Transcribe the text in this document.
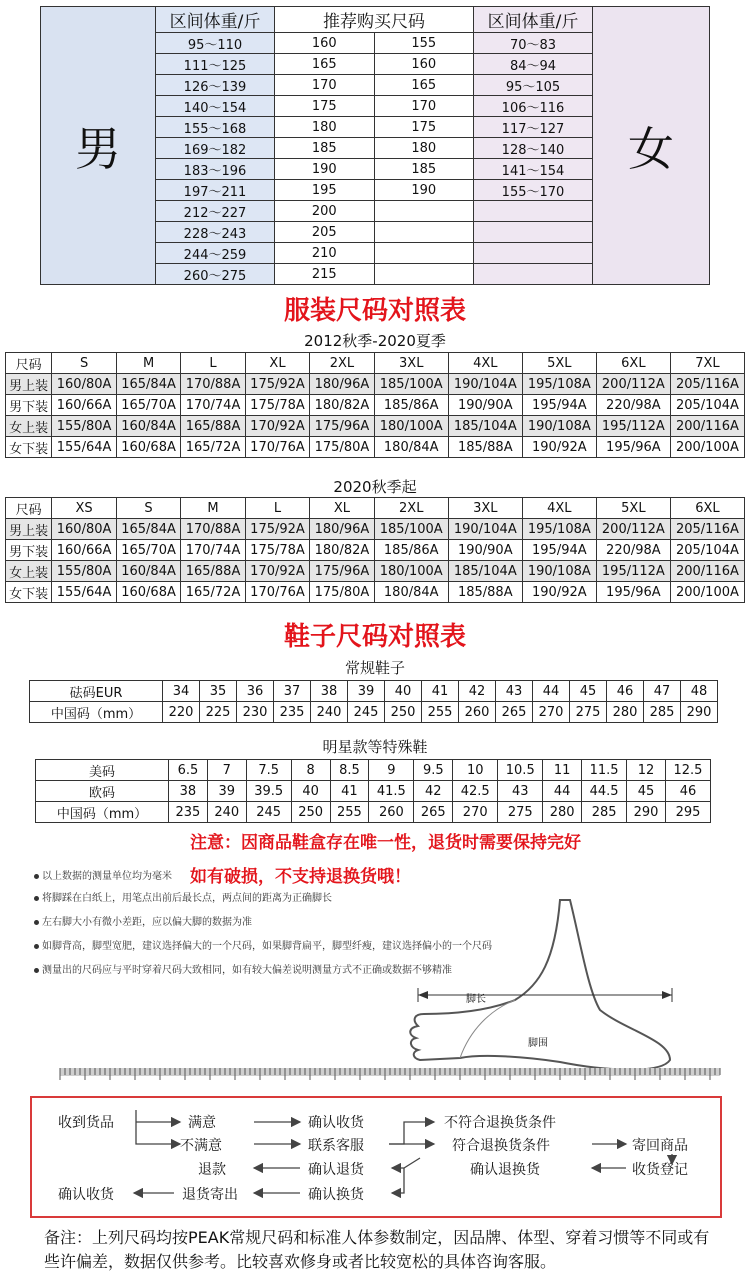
男	区间体重/斤	推荐购买尺码		区间体重/斤	女
	95～110	160	155	70～83	
	111～125	165	160	84～94	
	126～139	170	165	95～105	
	140～154	175	170	106～116	
	155～168	180	175	117～127	
	169～182	185	180	128～140	
	183～196	190	185	141～154	
	197～211	195	190	155～170	
	212～227	200			
	228～243	205			
	244～259	210			
	260～275	215			
服装尺码对照表
2012秋季-2020夏季
尺码	S	M	L	XL	2XL	3XL	4XL	5XL	6XL	7XL
男上装	160/80A	165/84A	170/88A	175/92A	180/96A	185/100A	190/104A	195/108A	200/112A	205/116A
男下装	160/66A	165/70A	170/74A	175/78A	180/82A	185/86A	190/90A	195/94A	220/98A	205/104A
女上装	155/80A	160/84A	165/88A	170/92A	175/96A	180/100A	185/104A	190/108A	195/112A	200/116A
女下装	155/64A	160/68A	165/72A	170/76A	175/80A	180/84A	185/88A	190/92A	195/96A	200/100A
2020秋季起
尺码	XS	S	M	L	XL	2XL	3XL	4XL	5XL	6XL
男上装	160/80A	165/84A	170/88A	175/92A	180/96A	185/100A	190/104A	195/108A	200/112A	205/116A
男下装	160/66A	165/70A	170/74A	175/78A	180/82A	185/86A	190/90A	195/94A	220/98A	205/104A
女上装	155/80A	160/84A	165/88A	170/92A	175/96A	180/100A	185/104A	190/108A	195/112A	200/116A
女下装	155/64A	160/68A	165/72A	170/76A	175/80A	180/84A	185/88A	190/92A	195/96A	200/100A
鞋子尺码对照表
常规鞋子
砝码EUR	34	35	36	37	38	39	40	41	42	43	44	45	46	47	48
中国码（mm）	220	225	230	235	240	245	250	255	260	265	270	275	280	285	290
明星款等特殊鞋
美码	6.5	7	7.5	8	8.5	9	9.5	10	10.5	11	11.5	12	12.5
欧码	38	39	39.5	40	41	41.5	42	42.5	43	44	44.5	45	46
中国码（mm）	235	240	245	250	255	260	265	270	275	280	285	290	295
注意：因商品鞋盒存在唯一性，退货时需要保持完好
以上数据的测量单位均为毫米 如有破损，不支持退换货哦！
将脚踩在白纸上，用笔点出前后最长点，两点间的距离为正确脚长
左右脚大小有微小差距，应以偏大脚的数据为准
如脚背高，脚型宽肥，建议选择偏大的一个尺码，如果脚背扁平，脚型纤瘦，建议选择偏小的一个尺码
测量出的尺码应与平时穿着尺码大致相同，如有较大偏差说明测量方式不正确或数据不够精准
脚长
脚围
收到货品	满意	确认收货	不符合退换货条件
不满意	联系客服	符合退换货条件	寄回商品
退款	确认退货	确认退换货	收货登记
确认收货	退货寄出	确认换货
备注：上列尺码均按PEAK常规尺码和标准人体参数制定，因品牌、体型、穿着习惯等不同或有些许偏差，数据仅供参考。比较喜欢修身或者比较宽松的具体咨询客服。
